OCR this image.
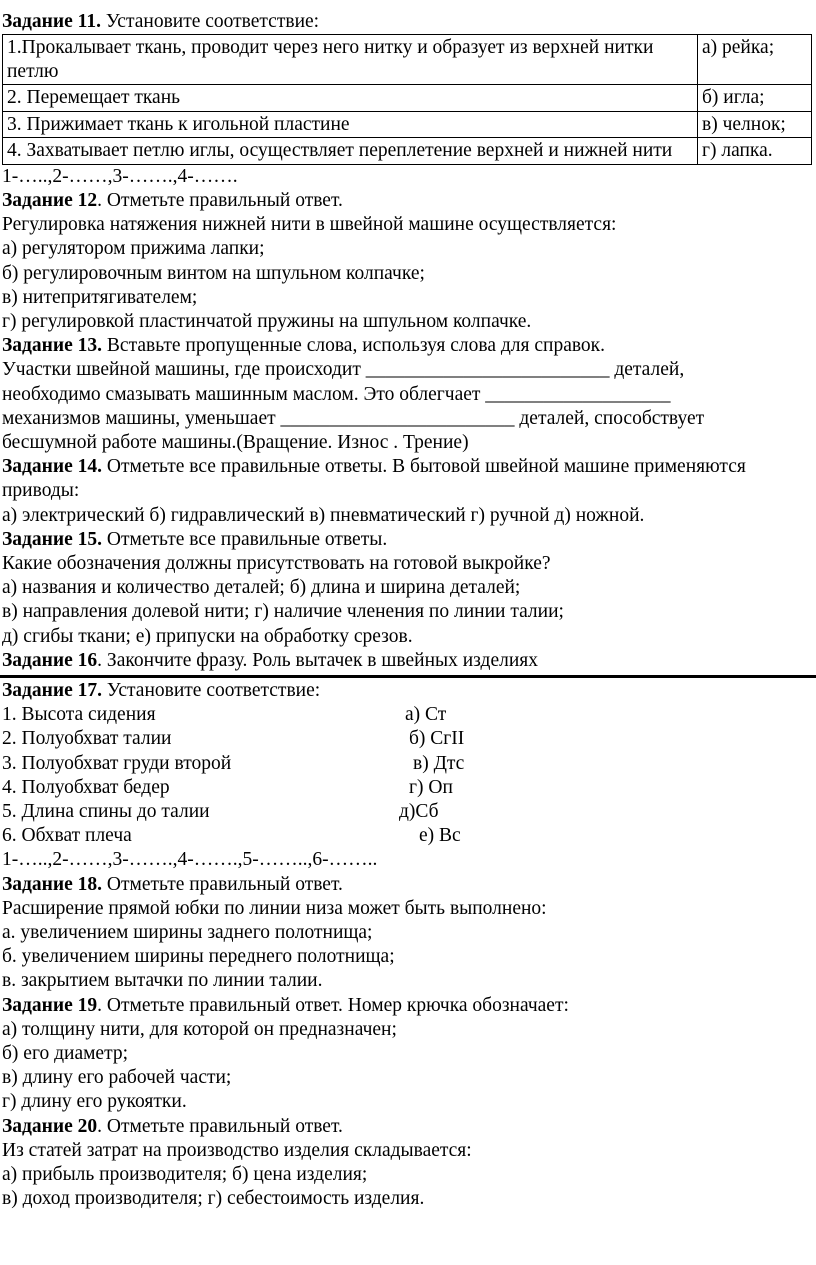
Задание 11. Установите соответствие:

1.Прокалывает ткань, проводит через него нитку и образует из верхней нитки петлю	а) рейка;
2. Перемещает ткань	б) игла;
3. Прижимает ткань к игольной пластине	в) челнок;
4. Захватывает петлю иглы, осуществляет переплетение верхней и нижней нити	г) лапка.

1-…..,2-……,3-…….,4-…….

Задание 12. Отметьте правильный ответ.

Регулировка натяжения нижней нити в швейной машине осуществляется:

а) регулятором прижима лапки;

б) регулировочным винтом на шпульном колпачке;

в) нитепритягивателем;

г) регулировкой пластинчатой пружины на шпульном колпачке.

Задание 13. Вставьте пропущенные слова, используя слова для справок.

Участки швейной машины, где происходит _________________________ деталей,

необходимо смазывать машинным маслом. Это облегчает ___________________

механизмов машины, уменьшает ________________________ деталей, способствует

бесшумной работе машины.(Вращение. Износ . Трение)

Задание 14. Отметьте все правильные ответы. В бытовой швейной машине применяются приводы:

а) электрический б) гидравлический в) пневматический г) ручной д) ножной.

Задание 15. Отметьте все правильные ответы.

Какие обозначения должны присутствовать на готовой выкройке?

а) названия и количество деталей; б) длина и ширина деталей;

в) направления долевой нити; г) наличие членения по линии талии;

д) сгибы ткани; е) припуски на обработку срезов.

Задание 16. Закончите фразу. Роль вытачек в швейных изделиях

Задание 17. Установите соответствие:

1. Высота сидения	а) Ст
2. Полуобхват талии	б) СгII
3. Полуобхват груди второй	в) Дтс
4. Полуобхват бедер	г) Оп
5. Длина спины до талии	д)Сб
6. Обхват плеча	е) Вс

1-…..,2-……,3-…….,4-…….,5-……..,6-……..

Задание 18. Отметьте правильный ответ.

Расширение прямой юбки по линии низа может быть выполнено:

а. увеличением ширины заднего полотнища;

б. увеличением ширины переднего полотнища;

в. закрытием вытачки по линии талии.

Задание 19. Отметьте правильный ответ. Номер крючка обозначает:

а) толщину нити, для которой он предназначен;

б) его диаметр;

в) длину его рабочей части;

г) длину его рукоятки.

Задание 20. Отметьте правильный ответ.

Из статей затрат на производство изделия складывается:

а) прибыль производителя; б) цена изделия;

в) доход производителя; г) себестоимость изделия.
